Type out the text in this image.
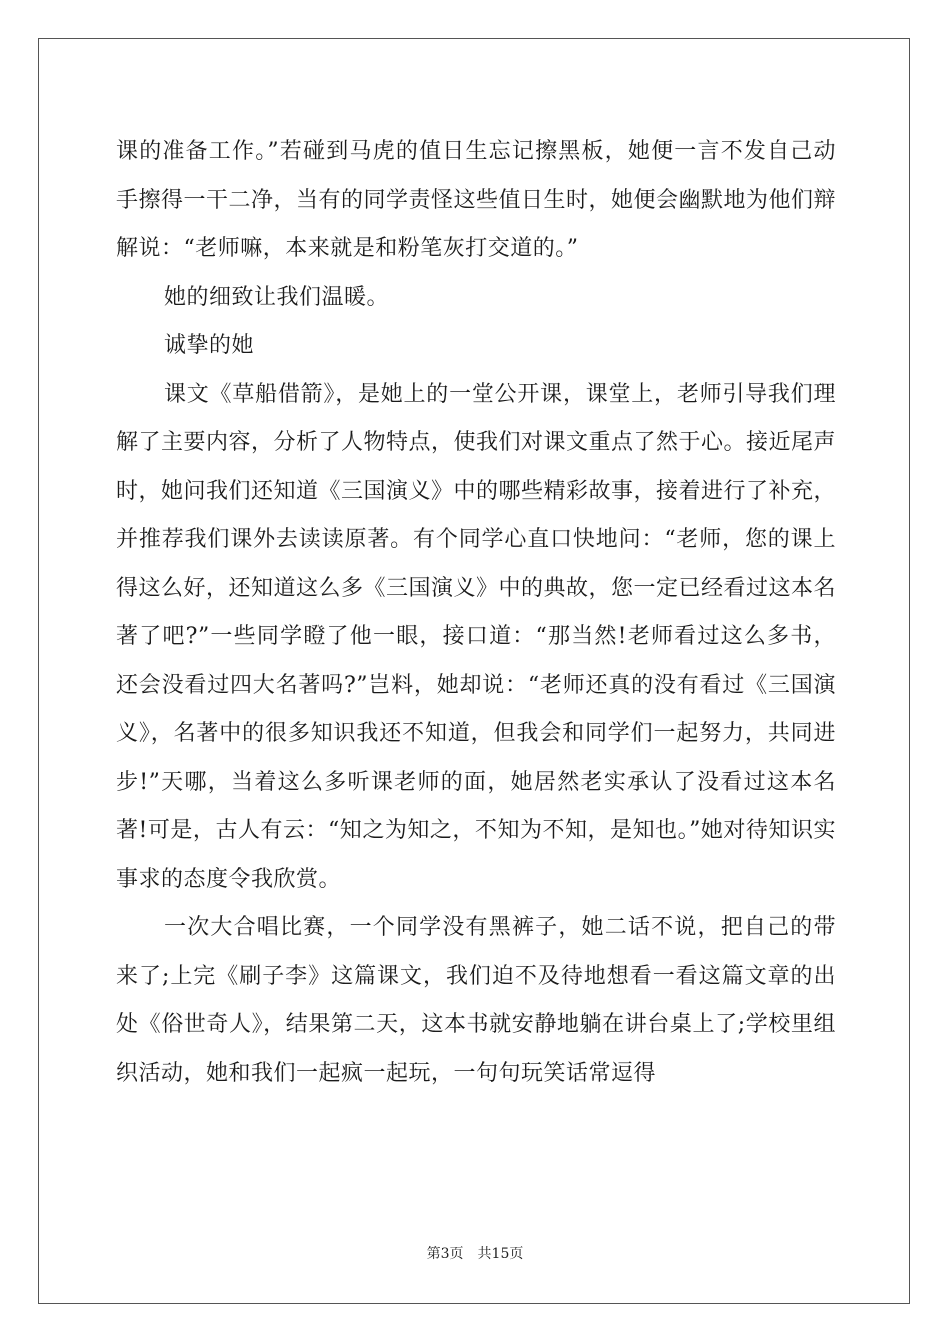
课的准备工作。”若碰到马虎的值日生忘记擦黑板，她便一言不发自己动手擦得一干二净，当有的同学责怪这些值日生时，她便会幽默地为他们辩解说：“老师嘛，本来就是和粉笔灰打交道的。”

她的细致让我们温暖。

诚挚的她

课文《草船借箭》，是她上的一堂公开课，课堂上，老师引导我们理解了主要内容，分析了人物特点，使我们对课文重点了然于心。接近尾声时，她问我们还知道《三国演义》中的哪些精彩故事，接着进行了补充，并推荐我们课外去读读原著。有个同学心直口快地问：“老师，您的课上得这么好，还知道这么多《三国演义》中的典故，您一定已经看过这本名著了吧?”一些同学瞪了他一眼，接口道：“那当然!老师看过这么多书，还会没看过四大名著吗?”岂料，她却说：“老师还真的没有看过《三国演义》，名著中的很多知识我还不知道，但我会和同学们一起努力，共同进步!”天哪，当着这么多听课老师的面，她居然老实承认了没看过这本名著!可是，古人有云：“知之为知之，不知为不知，是知也。”她对待知识实事求的态度令我欣赏。

一次大合唱比赛，一个同学没有黑裤子，她二话不说，把自己的带来了;上完《刷子李》这篇课文，我们迫不及待地想看一看这篇文章的出处《俗世奇人》，结果第二天，这本书就安静地躺在讲台桌上了;学校里组织活动，她和我们一起疯一起玩，一句句玩笑话常逗得

第3页　共15页
